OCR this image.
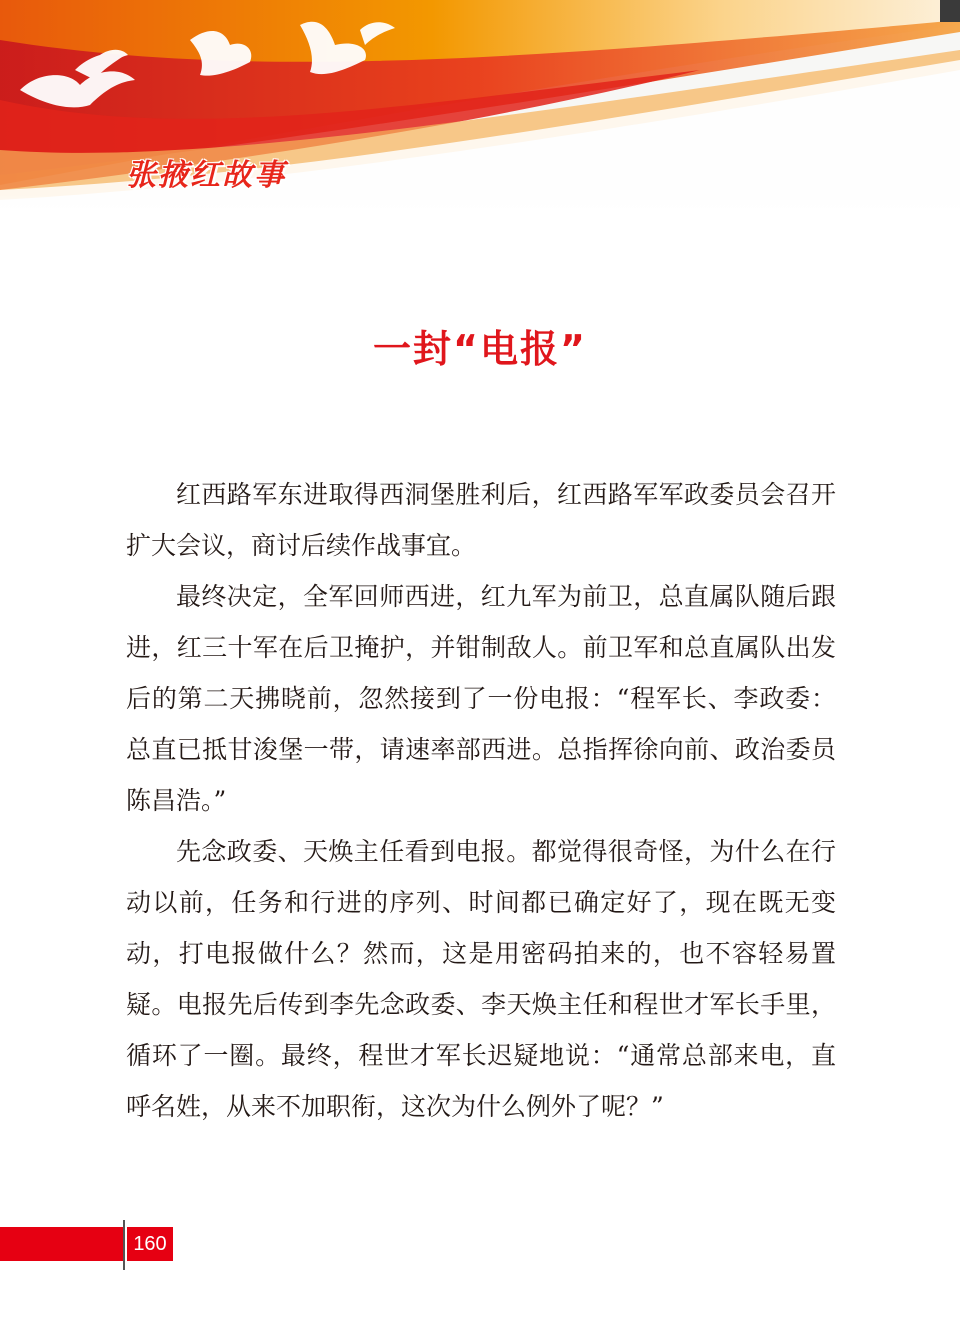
张掖红故事
一封“电报”

红西路军东进取得西洞堡胜利后，红西路军军政委员会召开扩大会议，商讨后续作战事宜。

最终决定，全军回师西进，红九军为前卫，总直属队随后跟进，红三十军在后卫掩护，并钳制敌人。前卫军和总直属队出发后的第二天拂晓前，忽然接到了一份电报：“程军长、李政委：总直已抵甘浚堡一带，请速率部西进。总指挥徐向前、政治委员陈昌浩。”

先念政委、天焕主任看到电报。都觉得很奇怪，为什么在行动以前，任务和行进的序列、时间都已确定好了，现在既无变动，打电报做什么？然而，这是用密码拍来的，也不容轻易置疑。电报先后传到李先念政委、李天焕主任和程世才军长手里，循环了一圈。最终，程世才军长迟疑地说：“通常总部来电，直呼名姓，从来不加职衔，这次为什么例外了呢？”

160
